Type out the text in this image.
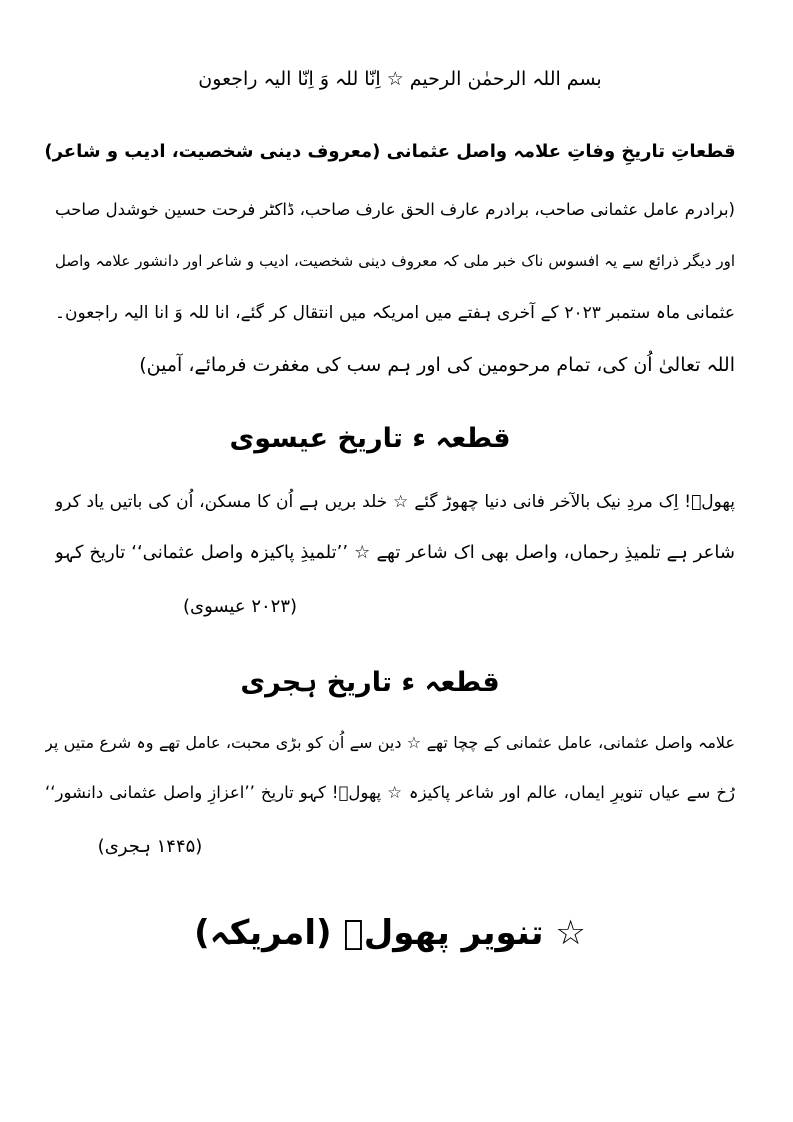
بسم اللہ الرحمٰن الرحیم ☆ اِنّا للہ وَ اِنّا الیہ راجعون
قطعاتِ تاریخِ وفاتِ علامہ واصل عثمانی (معروف دینی شخصیت، ادیب و شاعر)
(برادرم عامل عثمانی صاحب، برادرم عارف الحق عارف صاحب، ڈاکٹر فرحت حسین خوشدل صاحب
اور دیگر ذرائع سے یہ افسوس ناک خبر ملی کہ معروف دینی شخصیت، ادیب و شاعر اور دانشور علامہ واصل
عثمانی ماہ ستمبر ۲۰۲۳ کے آخری ہفتے میں امریکہ میں انتقال کر گئے، انا للہ وَ انا الیہ راجعون۔
اللہ تعالیٰ اُن کی، تمام مرحومین کی اور ہم سب کی مغفرت فرمائے، آمین)
قطعہ ء تاریخ عیسوی
پھولؔ! اِک مردِ نیک بالآخر فانی دنیا چھوڑ گئے ☆ خلد بریں ہے اُن کا مسکن، اُن کی باتیں یاد کرو
شاعر ہے تلمیذِ رحماں، واصل بھی اک شاعر تھے ☆ ’’تلمیذِ پاکیزہ واصل عثمانی‘‘ تاریخ کہو
(۲۰۲۳ عیسوی)
قطعہ ء تاریخ ہجری
علامہ واصل عثمانی، عامل عثمانی کے چچا تھے ☆ دین سے اُن کو بڑی محبت، عامل تھے وہ شرع متیں پر
رُخ سے عیاں تنویرِ ایماں، عالم اور شاعر پاکیزہ ☆ پھولؔ! کہو تاریخ ’’اعزازِ واصل عثمانی دانشور‘‘
(۱۴۴۵ ہجری)
☆ تنویر پھولؔ (امریکہ)
